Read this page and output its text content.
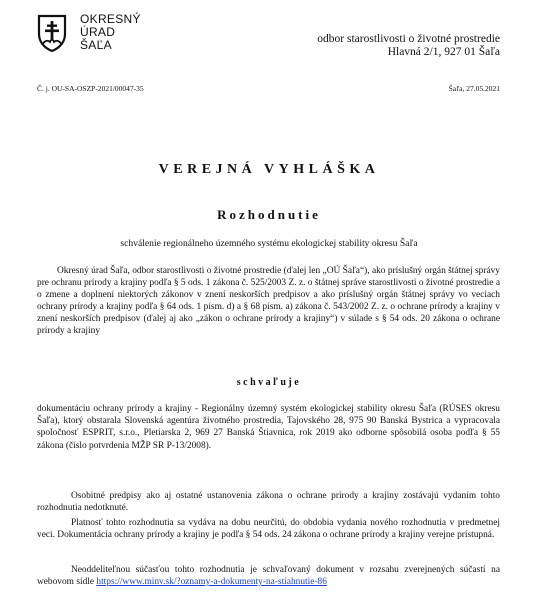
OKRESNÝ
ÚRAD
ŠAĽA	odbor starostlivosti o životné prostredie
Hlavná 2/1, 927 01 Šaľa
Č. j. OU-SA-OSZP-2021/00047-35	Šaľa, 27.05.2021
VEREJNÁ VYHLÁŠKA
Rozhodnutie
schválenie regionálneho územného systému ekologickej stability okresu Šaľa
Okresný úrad Šaľa, odbor starostlivosti o životné prostredie (ďalej len „OÚ Šaľa“), ako príslušný orgán štátnej správy pre ochranu prírody a krajiny podľa § 5 ods. 1 zákona č. 525/2003 Z. z. o štátnej správe starostlivosti o životné prostredie a o zmene a doplnení niektorých zákonov v znení neskorších predpisov a ako príslušný orgán štátnej správy vo veciach ochrany prírody a krajiny podľa § 64 ods. 1 písm. d) a § 68 písm. a) zákona č. 543/2002 Z. z. o ochrane prírody a krajiny v znení neskorších predpisov (ďalej aj ako „zákon o ochrane prírody a krajiny“) v súlade s § 54 ods. 20 zákona o ochrane prírody a krajiny
schvaľuje
dokumentáciu ochrany prírody a krajiny - Regionálny územný systém ekologickej stability okresu Šaľa (RÚSES okresu Šaľa), ktorý obstarala Slovenská agentúra životného prostredia, Tajovského 28, 975 90 Banská Bystrica a vypracovala spoločnosť ESPRIT, s.r.o., Pletiarska 2, 969 27 Banská Štiavnica, rok 2019 ako odborne spôsobilá osoba podľa § 55 zákona (číslo potvrdenia MŽP SR P-13/2008).
Osobitné predpisy ako aj ostatné ustanovenia zákona o ochrane prírody a krajiny zostávajú vydaním tohto rozhodnutia nedotknuté.
Platnosť tohto rozhodnutia sa vydáva na dobu neurčitú, do obdobia vydania nového rozhodnutia v predmetnej veci. Dokumentácia ochrany prírody a krajiny je podľa § 54 ods. 24 zákona o ochrane prírody a krajiny verejne prístupná.
Neoddeliteľnou súčasťou tohto rozhodnutia je schvaľovaný dokument v rozsahu zverejnených súčastí na webovom sídle https://www.minv.sk/?oznamy-a-dokumenty-na-stiahnutie-86
